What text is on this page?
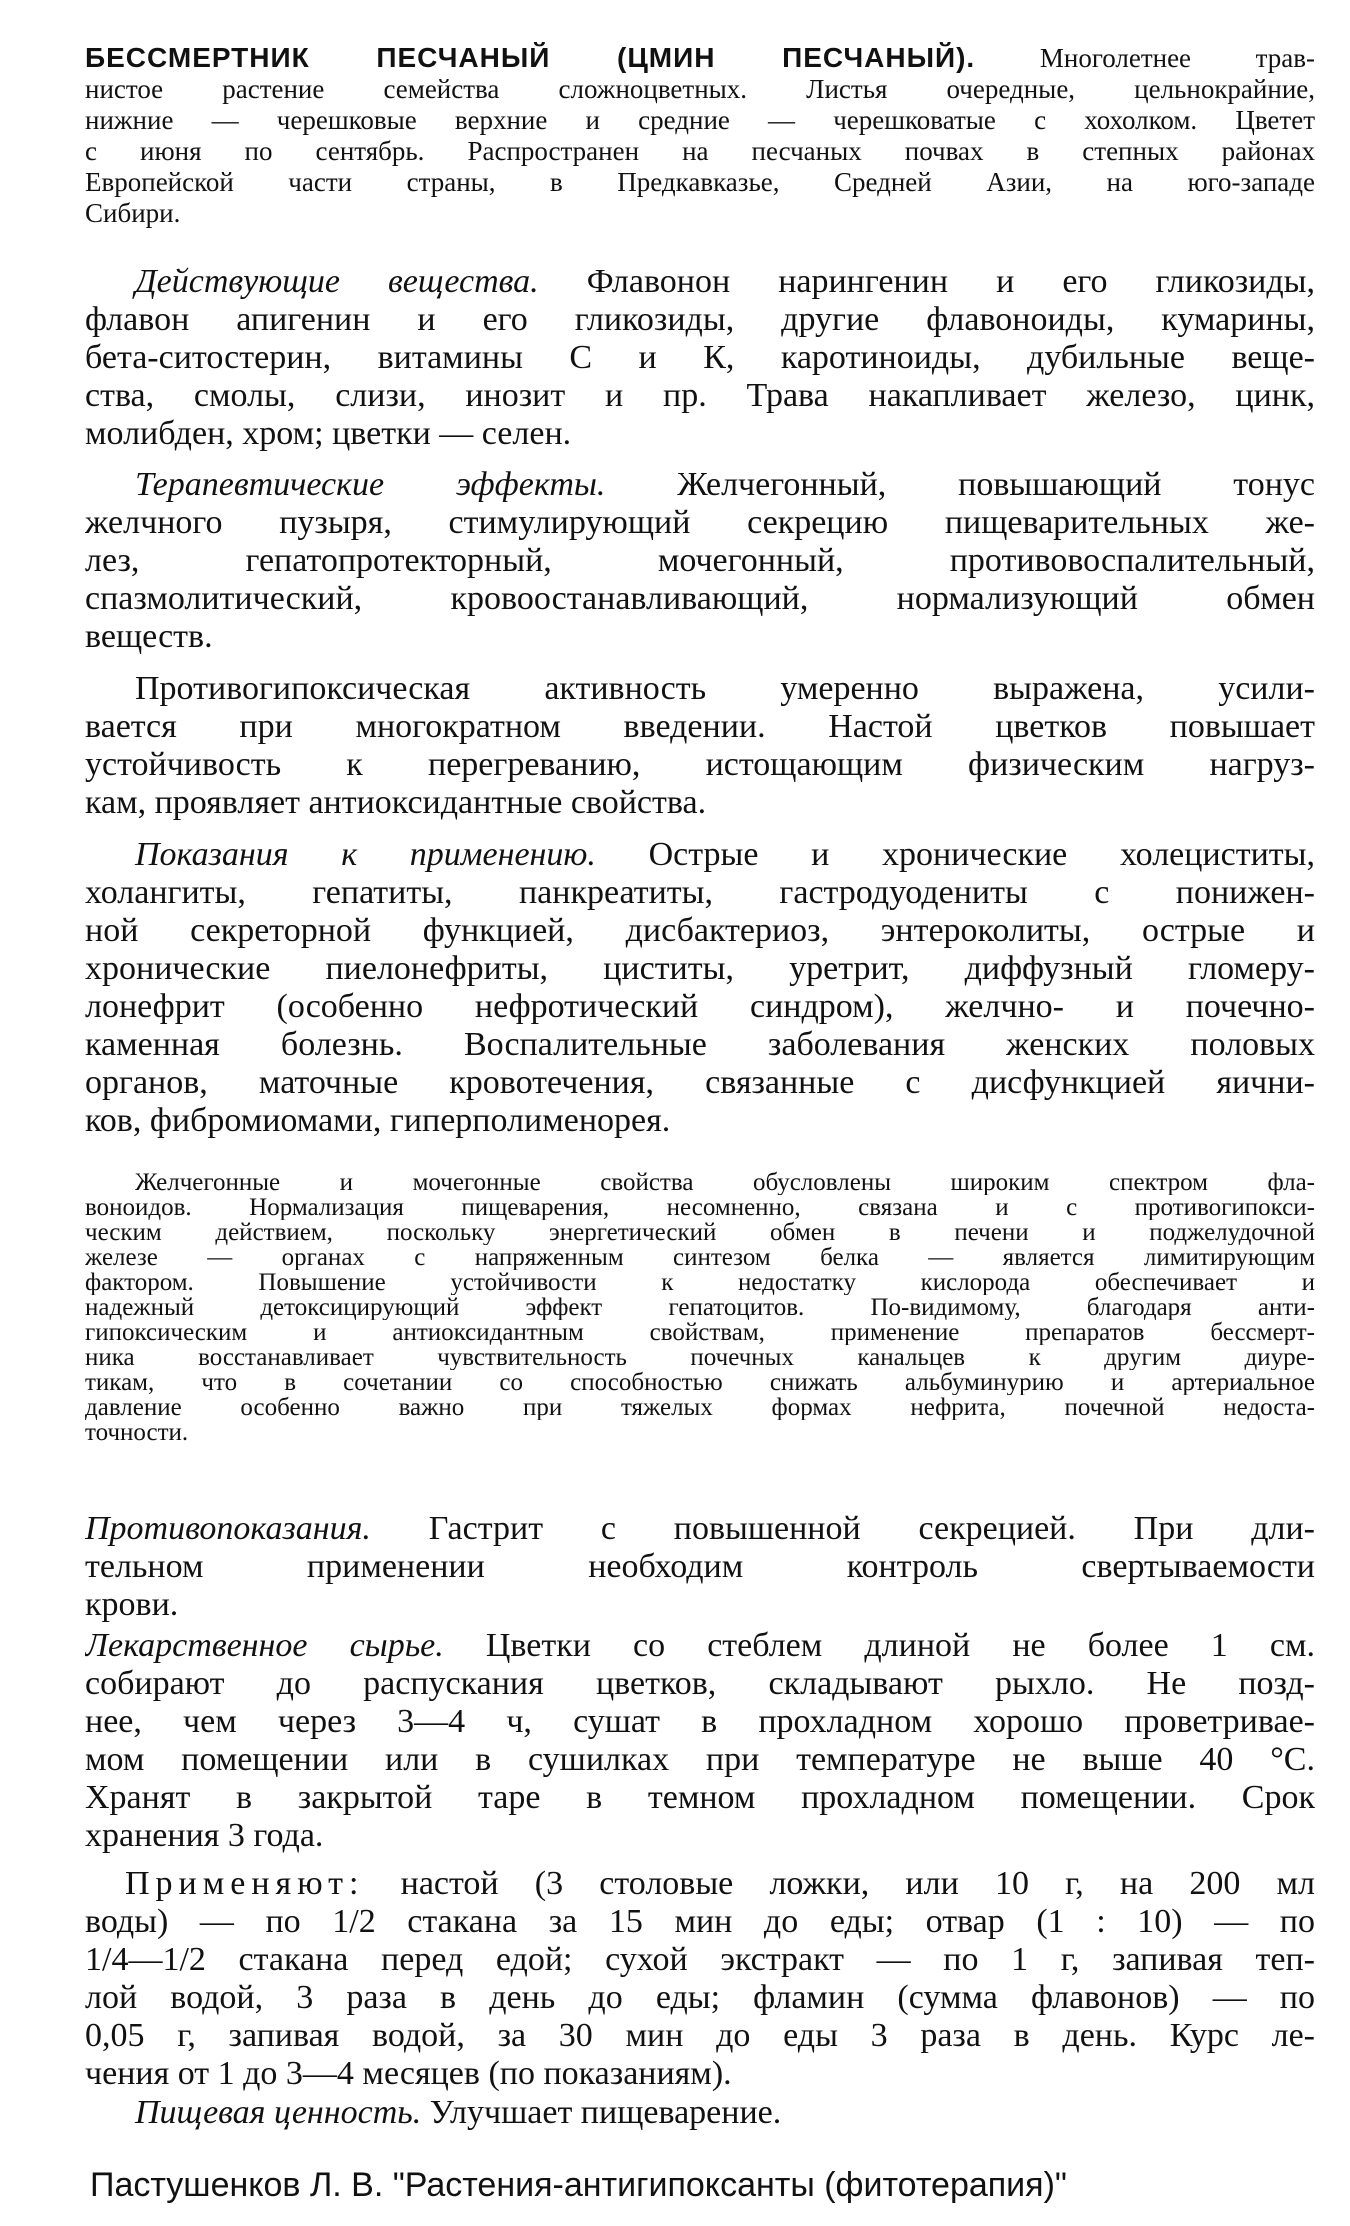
БЕССМЕРТНИК ПЕСЧАНЫЙ (ЦМИН ПЕСЧАНЫЙ). Многолетнее трав-
нистое растение семейства сложноцветных. Листья очередные, цельнокрайние,
нижние — черешковые верхние и средние — черешковатые с хохолком. Цветет
с июня по сентябрь. Распространен на песчаных почвах в степных районах
Европейской части страны, в Предкавказье, Средней Азии, на юго-западе
Сибири.
Действующие вещества. Флавонон нарингенин и его гликозиды,
флавон апигенин и его гликозиды, другие флавоноиды, кумарины,
бета-ситостерин, витамины С и К, каротиноиды, дубильные веще-
ства, смолы, слизи, инозит и пр. Трава накапливает железо, цинк,
молибден, хром; цветки — селен.
Терапевтические эффекты. Желчегонный, повышающий тонус
желчного пузыря, стимулирующий секрецию пищеварительных же-
лез, гепатопротекторный, мочегонный, противовоспалительный,
спазмолитический, кровоостанавливающий, нормализующий обмен
веществ.
Противогипоксическая активность умеренно выражена, усили-
вается при многократном введении. Настой цветков повышает
устойчивость к перегреванию, истощающим физическим нагруз-
кам, проявляет антиоксидантные свойства.
Показания к применению. Острые и хронические холециститы,
холангиты, гепатиты, панкреатиты, гастродуодениты с понижен-
ной секреторной функцией, дисбактериоз, энтероколиты, острые и
хронические пиелонефриты, циститы, уретрит, диффузный гломеру-
лонефрит (особенно нефротический синдром), желчно- и почечно-
каменная болезнь. Воспалительные заболевания женских половых
органов, маточные кровотечения, связанные с дисфункцией яични-
ков, фибромиомами, гиперполименорея.
Желчегонные и мочегонные свойства обусловлены широким спектром фла-
воноидов. Нормализация пищеварения, несомненно, связана и с противогипокси-
ческим действием, поскольку энергетический обмен в печени и поджелудочной
железе — органах с напряженным синтезом белка — является лимитирующим
фактором. Повышение устойчивости к недостатку кислорода обеспечивает и
надежный детоксицирующий эффект гепатоцитов. По-видимому, благодаря анти-
гипоксическим и антиоксидантным свойствам, применение препаратов бессмерт-
ника восстанавливает чувствительность почечных канальцев к другим диуре-
тикам, что в сочетании со способностью снижать альбуминурию и артериальное
давление особенно важно при тяжелых формах нефрита, почечной недоста-
точности.
Противопоказания. Гастрит с повышенной секрецией. При дли-
тельном применении необходим контроль свертываемости
крови.
Лекарственное сырье. Цветки со стеблем длиной не более 1 см.
собирают до распускания цветков, складывают рыхло. Не позд-
нее, чем через 3—4 ч, сушат в прохладном хорошо проветривае-
мом помещении или в сушилках при температуре не выше 40 °С.
Хранят в закрытой таре в темном прохладном помещении. Срок
хранения 3 года.
Применяют: настой (3 столовые ложки, или 10 г, на 200 мл
воды) — по 1/2 стакана за 15 мин до еды; отвар (1 : 10) — по
1/4—1/2 стакана перед едой; сухой экстракт — по 1 г, запивая теп-
лой водой, 3 раза в день до еды; фламин (сумма флавонов) — по
0,05 г, запивая водой, за 30 мин до еды 3 раза в день. Курс ле-
чения от 1 до 3—4 месяцев (по показаниям).
Пищевая ценность. Улучшает пищеварение.
Пастушенков Л. В. "Растения-антигипоксанты (фитотерапия)"
